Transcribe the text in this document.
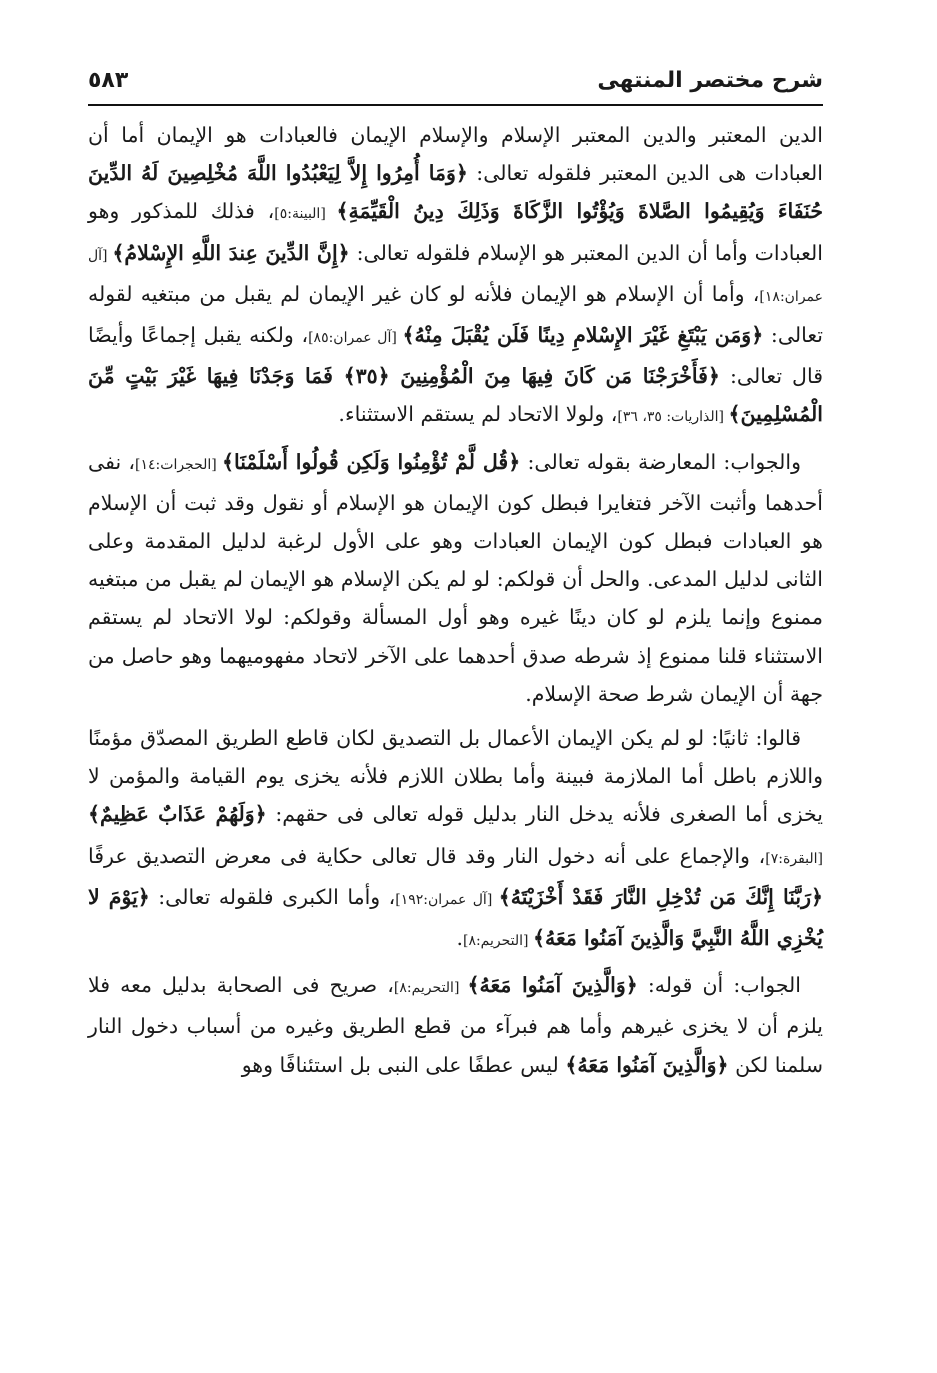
شرح مختصر المنتهى
٥٨٣

الدين المعتبر والدين المعتبر الإسلام والإسلام الإيمان فالعبادات هو الإيمان أما أن العبادات هى الدين المعتبر فلقوله تعالى: ﴿وَمَا أُمِرُوا إِلاَّ لِيَعْبُدُوا اللَّهَ مُخْلِصِينَ لَهُ الدِّينَ حُنَفَاءَ وَيُقِيمُوا الصَّلاةَ وَيُؤْتُوا الزَّكَاةَ وَذَلِكَ دِينُ الْقَيِّمَةِ﴾ [البينة:٥]، فذلك للمذكور وهو العبادات وأما أن الدين المعتبر هو الإسلام فلقوله تعالى: ﴿إِنَّ الدِّينَ عِندَ اللَّهِ الإِسْلامُ﴾ [آل عمران:١٨]، وأما أن الإسلام هو الإيمان فلأنه لو كان غير الإيمان لم يقبل من مبتغيه لقوله تعالى: ﴿وَمَن يَبْتَغِ غَيْرَ الإِسْلامِ دِينًا فَلَن يُقْبَلَ مِنْهُ﴾ [آل عمران:٨٥]، ولكنه يقبل إجماعًا وأيضًا قال تعالى: ﴿فَأَخْرَجْنَا مَن كَانَ فِيهَا مِنَ الْمُؤْمِنِينَ ﴿٣٥﴾ فَمَا وَجَدْنَا فِيهَا غَيْرَ بَيْتٍ مِّنَ الْمُسْلِمِينَ﴾ [الذاريات: ٣٥، ٣٦]، ولولا الاتحاد لم يستقم الاستثناء.

والجواب: المعارضة بقوله تعالى: ﴿قُل لَّمْ تُؤْمِنُوا وَلَكِن قُولُوا أَسْلَمْنَا﴾ [الحجرات:١٤]، نفى أحدهما وأثبت الآخر فتغايرا فبطل كون الإيمان هو الإسلام أو نقول وقد ثبت أن الإسلام هو العبادات فبطل كون الإيمان العبادات وهو على الأول لرغبة لدليل المقدمة وعلى الثانى لدليل المدعى. والحل أن قولكم: لو لم يكن الإسلام هو الإيمان لم يقبل من مبتغيه ممنوع وإنما يلزم لو كان دينًا غيره وهو أول المسألة وقولكم: لولا الاتحاد لم يستقم الاستثناء قلنا ممنوع إذ شرطه صدق أحدهما على الآخر لاتحاد مفهوميهما وهو حاصل من جهة أن الإيمان شرط صحة الإسلام.

قالوا: ثانيًا: لو لم يكن الإيمان الأعمال بل التصديق لكان قاطع الطريق المصدّق مؤمنًا واللازم باطل أما الملازمة فبينة وأما بطلان اللازم فلأنه يخزى يوم القيامة والمؤمن لا يخزى أما الصغرى فلأنه يدخل النار بدليل قوله تعالى فى حقهم: ﴿وَلَهُمْ عَذَابٌ عَظِيمٌ﴾ [البقرة:٧]، والإجماع على أنه دخول النار وقد قال تعالى حكاية فى معرض التصديق عرفًا ﴿رَبَّنَا إِنَّكَ مَن تُدْخِلِ النَّارَ فَقَدْ أَخْزَيْتَهُ﴾ [آل عمران:١٩٢]، وأما الكبرى فلقوله تعالى: ﴿يَوْمَ لا يُخْزِي اللَّهُ النَّبِيَّ وَالَّذِينَ آمَنُوا مَعَهُ﴾ [التحريم:٨].

الجواب: أن قوله: ﴿وَالَّذِينَ آمَنُوا مَعَهُ﴾ [التحريم:٨]، صريح فى الصحابة بدليل معه فلا يلزم أن لا يخزى غيرهم وأما هم فبرآء من قطع الطريق وغيره من أسباب دخول النار سلمنا لكن ﴿وَالَّذِينَ آمَنُوا مَعَهُ﴾ ليس عطفًا على النبى بل استئنافًا وهو
